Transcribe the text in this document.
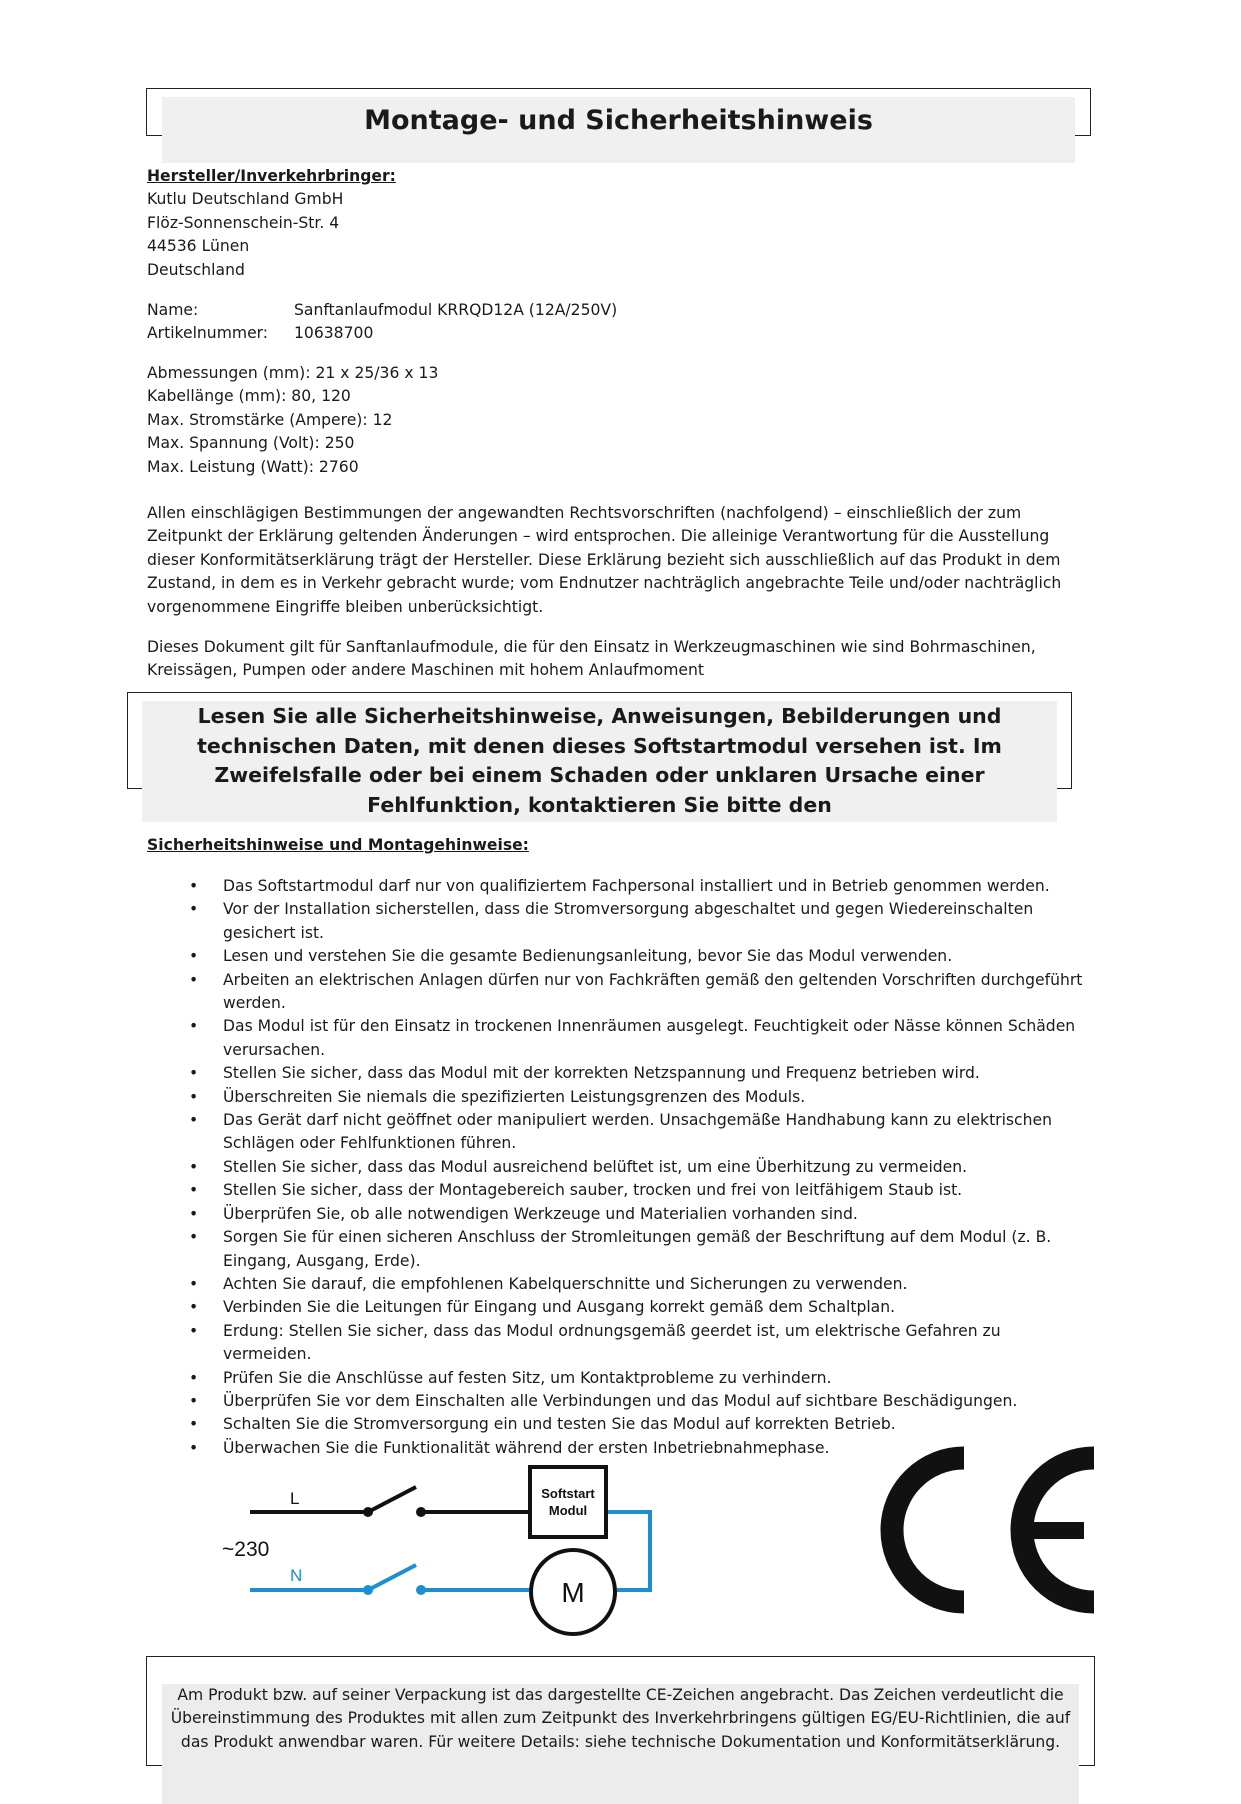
Montage- und Sicherheitshinweis
Hersteller/Inverkehrbringer:
Kutlu Deutschland GmbH
Flöz-Sonnenschein-Str. 4
44536 Lünen
Deutschland
Name:	Sanftanlaufmodul KRRQD12A (12A/250V)
Artikelnummer: 10638700
Abmessungen (mm): 21 x 25/36 x 13
Kabellänge (mm): 80, 120
Max. Stromstärke (Ampere): 12
Max. Spannung (Volt): 250
Max. Leistung (Watt): 2760
Allen einschlägigen Bestimmungen der angewandten Rechtsvorschriften (nachfolgend) – einschließlich der zum Zeitpunkt der Erklärung geltenden Änderungen – wird entsprochen. Die alleinige Verantwortung für die Ausstellung dieser Konformitätserklärung trägt der Hersteller. Diese Erklärung bezieht sich ausschließlich auf das Produkt in dem Zustand, in dem es in Verkehr gebracht wurde; vom Endnutzer nachträglich angebrachte Teile und/oder nachträglich vorgenommene Eingriffe bleiben unberücksichtigt.
Dieses Dokument gilt für Sanftanlaufmodule, die für den Einsatz in Werkzeugmaschinen wie sind Bohrmaschinen, Kreissägen, Pumpen oder andere Maschinen mit hohem Anlaufmoment
Lesen Sie alle Sicherheitshinweise, Anweisungen, Bebilderungen und technischen Daten, mit denen dieses Softstartmodul versehen ist. Im Zweifelsfalle oder bei einem Schaden oder unklaren Ursache einer Fehlfunktion, kontaktieren Sie bitte den
Sicherheitshinweise und Montagehinweise:
• Das Softstartmodul darf nur von qualifiziertem Fachpersonal installiert und in Betrieb genommen werden.
• Vor der Installation sicherstellen, dass die Stromversorgung abgeschaltet und gegen Wiedereinschalten gesichert ist.
• Lesen und verstehen Sie die gesamte Bedienungsanleitung, bevor Sie das Modul verwenden.
• Arbeiten an elektrischen Anlagen dürfen nur von Fachkräften gemäß den geltenden Vorschriften durchgeführt werden.
• Das Modul ist für den Einsatz in trockenen Innenräumen ausgelegt. Feuchtigkeit oder Nässe können Schäden verursachen.
• Stellen Sie sicher, dass das Modul mit der korrekten Netzspannung und Frequenz betrieben wird.
• Überschreiten Sie niemals die spezifizierten Leistungsgrenzen des Moduls.
• Das Gerät darf nicht geöffnet oder manipuliert werden. Unsachgemäße Handhabung kann zu elektrischen Schlägen oder Fehlfunktionen führen.
• Stellen Sie sicher, dass das Modul ausreichend belüftet ist, um eine Überhitzung zu vermeiden.
• Stellen Sie sicher, dass der Montagebereich sauber, trocken und frei von leitfähigem Staub ist.
• Überprüfen Sie, ob alle notwendigen Werkzeuge und Materialien vorhanden sind.
• Sorgen Sie für einen sicheren Anschluss der Stromleitungen gemäß der Beschriftung auf dem Modul (z. B. Eingang, Ausgang, Erde).
• Achten Sie darauf, die empfohlenen Kabelquerschnitte und Sicherungen zu verwenden.
• Verbinden Sie die Leitungen für Eingang und Ausgang korrekt gemäß dem Schaltplan.
• Erdung: Stellen Sie sicher, dass das Modul ordnungsgemäß geerdet ist, um elektrische Gefahren zu vermeiden.
• Prüfen Sie die Anschlüsse auf festen Sitz, um Kontaktprobleme zu verhindern.
• Überprüfen Sie vor dem Einschalten alle Verbindungen und das Modul auf sichtbare Beschädigungen.
• Schalten Sie die Stromversorgung ein und testen Sie das Modul auf korrekten Betrieb.
• Überwachen Sie die Funktionalität während der ersten Inbetriebnahmephase.
Softstart
Modul
M
L
~230
N
Am Produkt bzw. auf seiner Verpackung ist das dargestellte CE-Zeichen angebracht. Das Zeichen verdeutlicht die Übereinstimmung des Produktes mit allen zum Zeitpunkt des Inverkehrbringens gültigen EG/EU-Richtlinien, die auf das Produkt anwendbar waren. Für weitere Details: siehe technische Dokumentation und Konformitätserklärung.
